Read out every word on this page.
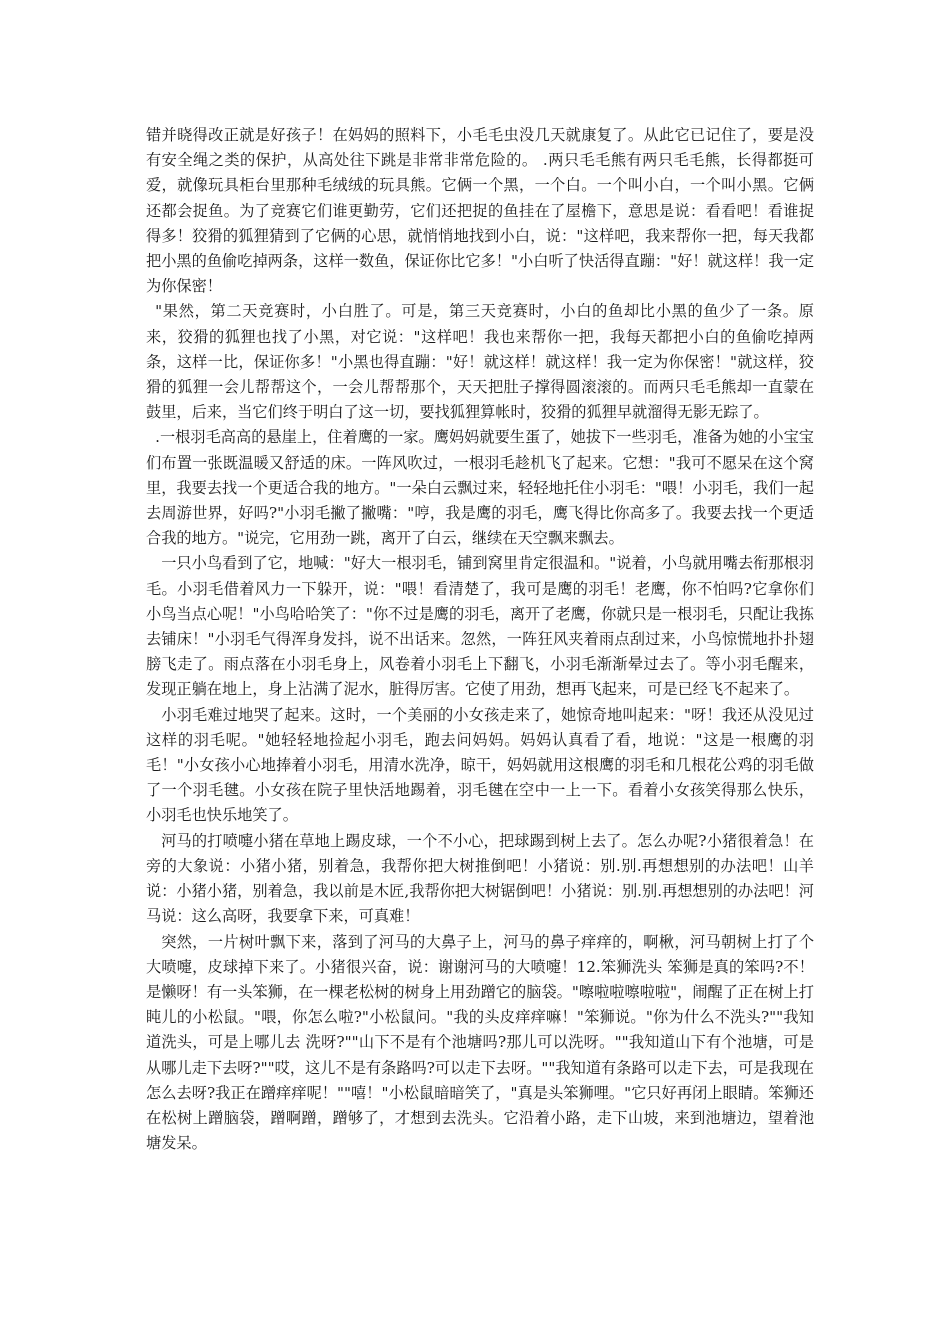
错并晓得改正就是好孩子！在妈妈的照料下，小毛毛虫没几天就康复了。从此它已记住了，要是没有安全绳之类的保护，从高处往下跳是非常非常危险的。 .两只毛毛熊有两只毛毛熊，长得都挺可爱，就像玩具柜台里那种毛绒绒的玩具熊。它俩一个黑，一个白。一个叫小白，一个叫小黑。它俩还都会捉鱼。为了竞赛它们谁更勤劳，它们还把捉的鱼挂在了屋檐下，意思是说：看看吧！看谁捉得多！狡猾的狐狸猜到了它俩的心思，就悄悄地找到小白，说："这样吧，我来帮你一把，每天我都把小黑的鱼偷吃掉两条，这样一数鱼，保证你比它多！"小白听了快活得直蹦："好！就这样！我一定为你保密！

"果然，第二天竞赛时，小白胜了。可是，第三天竞赛时，小白的鱼却比小黑的鱼少了一条。原来，狡猾的狐狸也找了小黑，对它说："这样吧！我也来帮你一把，我每天都把小白的鱼偷吃掉两条，这样一比，保证你多！"小黑也得直蹦："好！就这样！就这样！我一定为你保密！"就这样，狡猾的狐狸一会儿帮帮这个，一会儿帮帮那个，天天把肚子撑得圆滚滚的。而两只毛毛熊却一直蒙在鼓里，后来，当它们终于明白了这一切，要找狐狸算帐时，狡猾的狐狸早就溜得无影无踪了。

.一根羽毛高高的悬崖上，住着鹰的一家。鹰妈妈就要生蛋了，她拔下一些羽毛，准备为她的小宝宝们布置一张既温暖又舒适的床。一阵风吹过，一根羽毛趁机飞了起来。它想："我可不愿呆在这个窝里，我要去找一个更适合我的地方。"一朵白云飘过来，轻轻地托住小羽毛："喂！小羽毛，我们一起去周游世界，好吗?"小羽毛撇了撇嘴："哼，我是鹰的羽毛，鹰飞得比你高多了。我要去找一个更适合我的地方。"说完，它用劲一跳，离开了白云，继续在天空飘来飘去。

一只小鸟看到了它，地喊："好大一根羽毛，铺到窝里肯定很温和。"说着，小鸟就用嘴去衔那根羽毛。小羽毛借着风力一下躲开，说："喂！看清楚了，我可是鹰的羽毛！老鹰，你不怕吗?它拿你们小鸟当点心呢！"小鸟哈哈笑了："你不过是鹰的羽毛，离开了老鹰，你就只是一根羽毛，只配让我拣去铺床！"小羽毛气得浑身发抖，说不出话来。忽然，一阵狂风夹着雨点刮过来，小鸟惊慌地扑扑翅膀飞走了。雨点落在小羽毛身上，风卷着小羽毛上下翻飞，小羽毛渐渐晕过去了。等小羽毛醒来，发现正躺在地上，身上沾满了泥水，脏得厉害。它使了用劲，想再飞起来，可是已经飞不起来了。

小羽毛难过地哭了起来。这时，一个美丽的小女孩走来了，她惊奇地叫起来："呀！我还从没见过这样的羽毛呢。"她轻轻地捡起小羽毛，跑去问妈妈。妈妈认真看了看，地说："这是一根鹰的羽毛！"小女孩小心地捧着小羽毛，用清水洗净，晾干，妈妈就用这根鹰的羽毛和几根花公鸡的羽毛做了一个羽毛毽。小女孩在院子里快活地踢着，羽毛毽在空中一上一下。看着小女孩笑得那么快乐，小羽毛也快乐地笑了。

河马的打喷嚏小猪在草地上踢皮球，一个不小心，把球踢到树上去了。怎么办呢?小猪很着急！在旁的大象说：小猪小猪，别着急，我帮你把大树推倒吧！小猪说：别.别.再想想别的办法吧！山羊说：小猪小猪，别着急，我以前是木匠,我帮你把大树锯倒吧！小猪说：别.别.再想想别的办法吧！河马说：这么高呀，我要拿下来，可真难！

突然，一片树叶飘下来，落到了河马的大鼻子上，河马的鼻子痒痒的，啊楸，河马朝树上打了个大喷嚏，皮球掉下来了。小猪很兴奋，说：谢谢河马的大喷嚏！12.笨狮洗头 笨狮是真的笨吗?不！是懒呀！有一头笨狮，在一棵老松树的树身上用劲蹭它的脑袋。"嚓啦啦嚓啦啦"，闹醒了正在树上打盹儿的小松鼠。"喂，你怎么啦?"小松鼠问。"我的头皮痒痒嘛！"笨狮说。"你为什么不洗头?""我知道洗头，可是上哪儿去 洗呀?""山下不是有个池塘吗?那儿可以洗呀。""我知道山下有个池塘，可是从哪儿走下去呀?""哎，这儿不是有条路吗?可以走下去呀。""我知道有条路可以走下去，可是我现在怎么去呀?我正在蹭痒痒呢！""嘻！"小松鼠暗暗笑了，"真是头笨狮哩。"它只好再闭上眼睛。笨狮还在松树上蹭脑袋，蹭啊蹭，蹭够了，才想到去洗头。它沿着小路，走下山坡，来到池塘边，望着池塘发呆。
